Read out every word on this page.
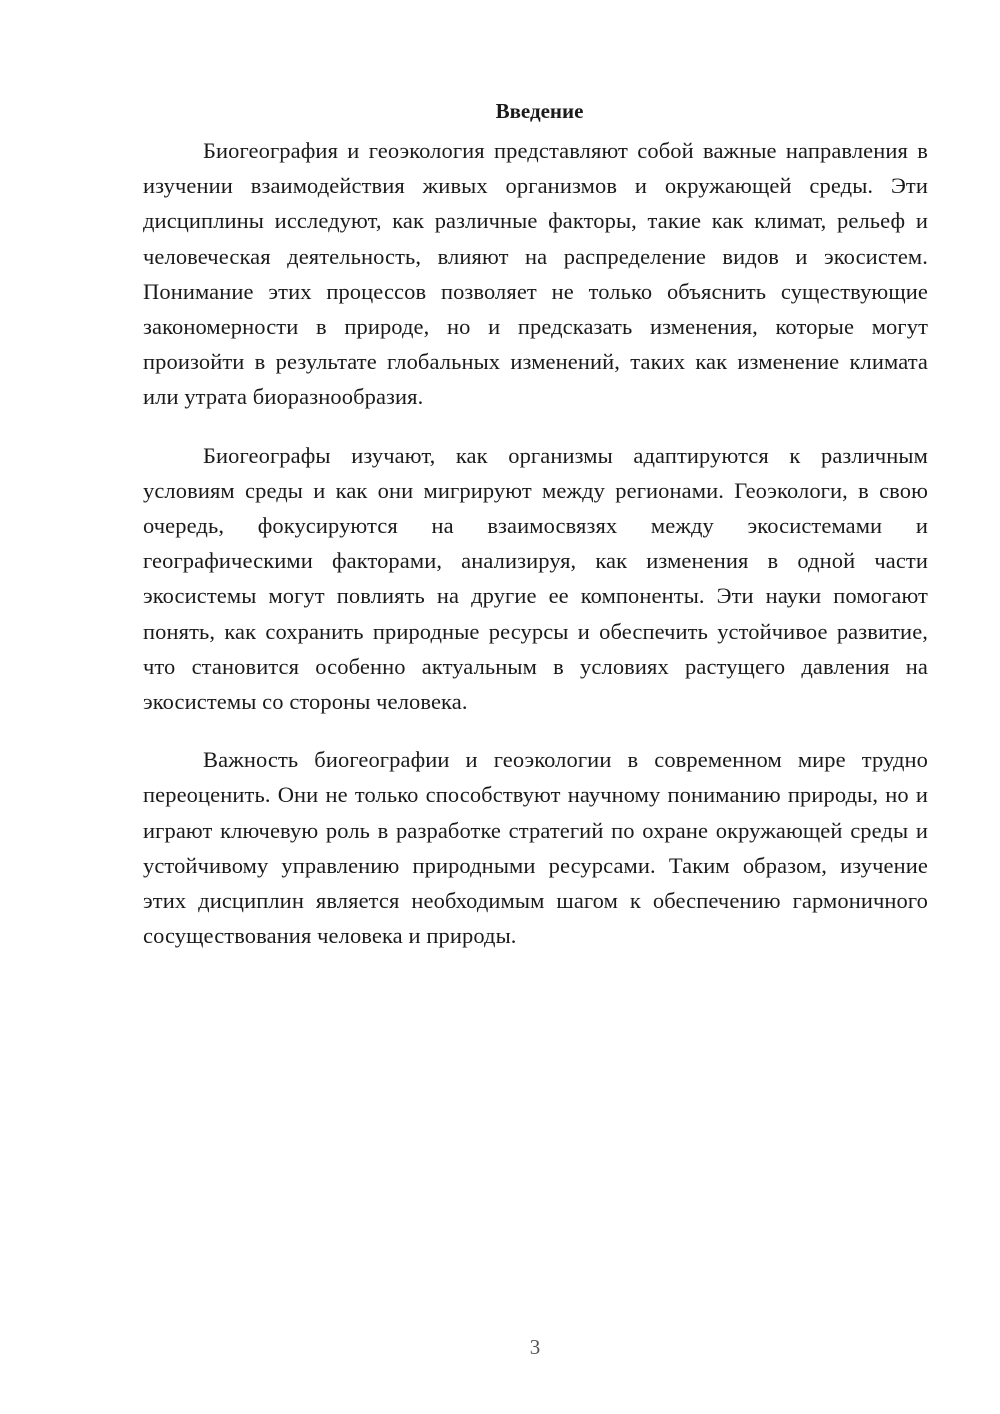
Введение

Биогеография и геоэкология представляют собой важные направления в изучении взаимодействия живых организмов и окружающей среды. Эти дисциплины исследуют, как различные факторы, такие как климат, рельеф и человеческая деятельность, влияют на распределение видов и экосистем. Понимание этих процессов позволяет не только объяснить существующие закономерности в природе, но и предсказать изменения, которые могут произойти в результате глобальных изменений, таких как изменение климата или утрата биоразнообразия.

Биогеографы изучают, как организмы адаптируются к различным условиям среды и как они мигрируют между регионами. Геоэкологи, в свою очередь, фокусируются на взаимосвязях между экосистемами и географическими факторами, анализируя, как изменения в одной части экосистемы могут повлиять на другие ее компоненты. Эти науки помогают понять, как сохранить природные ресурсы и обеспечить устойчивое развитие, что становится особенно актуальным в условиях растущего давления на экосистемы со стороны человека.

Важность биогеографии и геоэкологии в современном мире трудно переоценить. Они не только способствуют научному пониманию природы, но и играют ключевую роль в разработке стратегий по охране окружающей среды и устойчивому управлению природными ресурсами. Таким образом, изучение этих дисциплин является необходимым шагом к обеспечению гармоничного сосуществования человека и природы.

3
